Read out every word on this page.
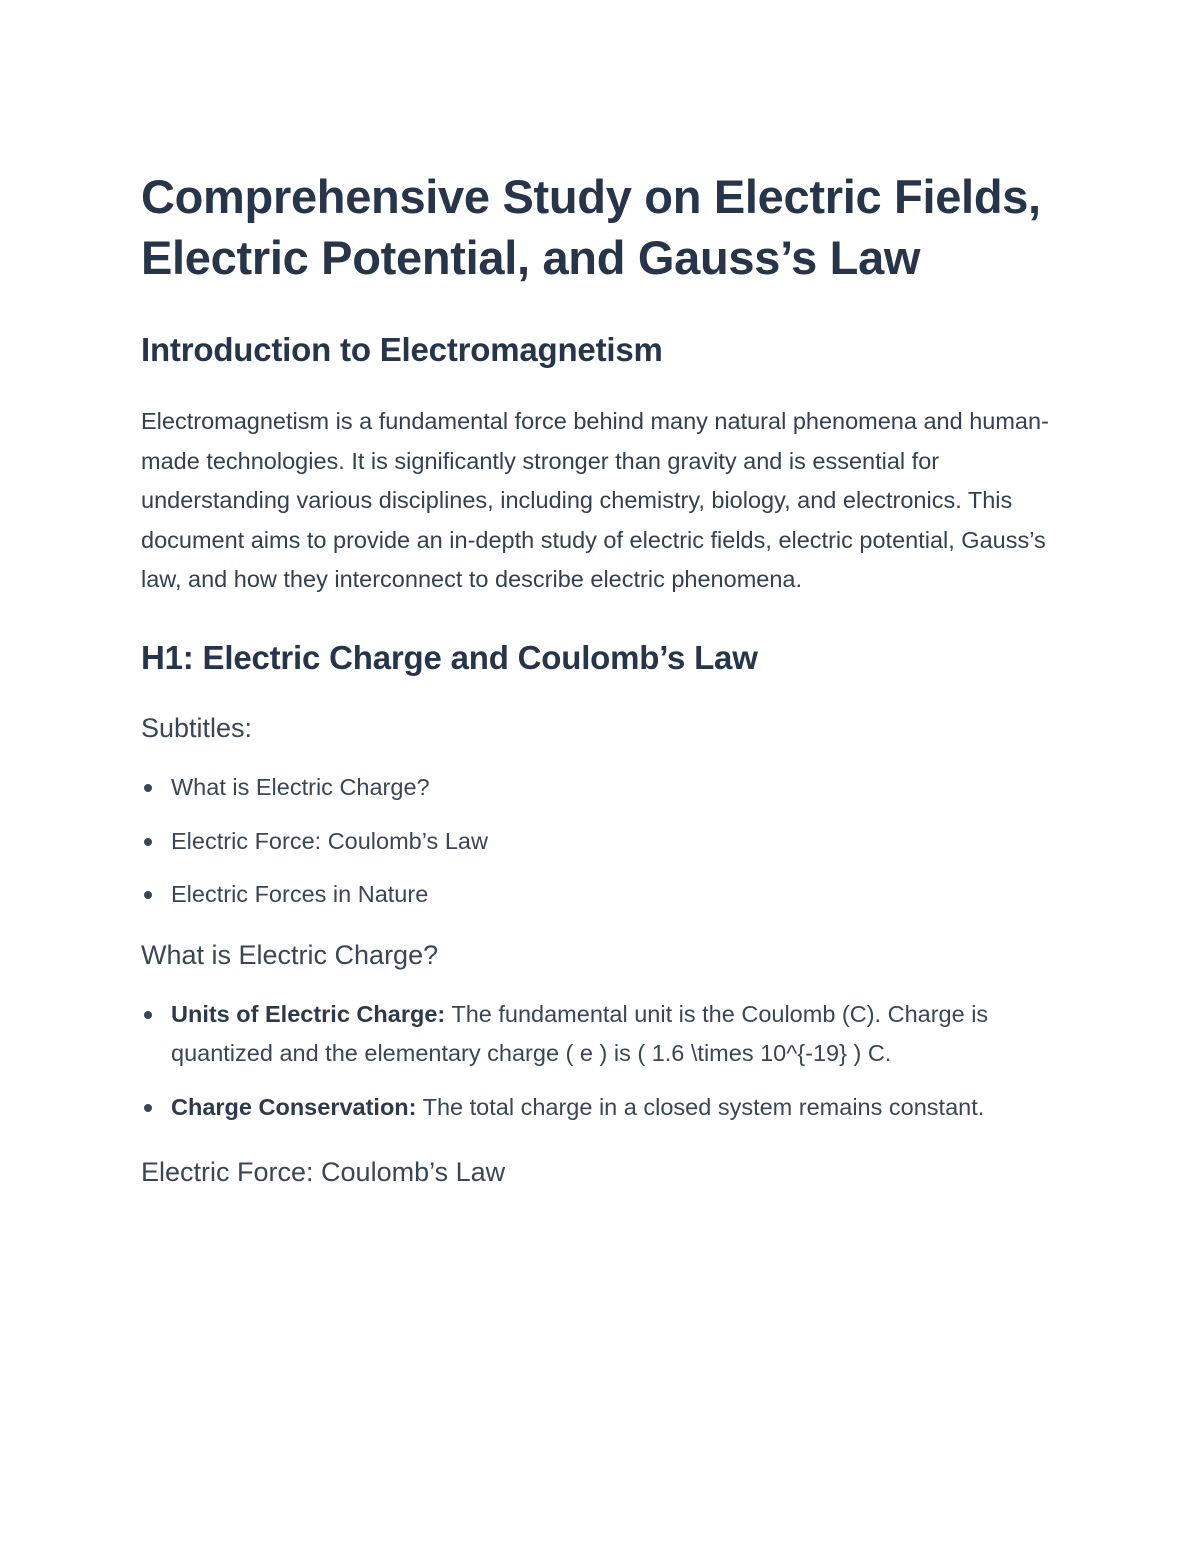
Comprehensive Study on Electric Fields, Electric Potential, and Gauss’s Law
Introduction to Electromagnetism

Electromagnetism is a fundamental force behind many natural phenomena and human-made technologies. It is significantly stronger than gravity and is essential for understanding various disciplines, including chemistry, biology, and electronics. This document aims to provide an in-depth study of electric fields, electric potential, Gauss’s law, and how they interconnect to describe electric phenomena.

H1: Electric Charge and Coulomb’s Law
Subtitles:
What is Electric Charge?
Electric Force: Coulomb’s Law
Electric Forces in Nature
What is Electric Charge?
Units of Electric Charge: The fundamental unit is the Coulomb (C). Charge is quantized and the elementary charge ( e ) is ( 1.6 \times 10^{-19} ) C.
Charge Conservation: The total charge in a closed system remains constant.
Electric Force: Coulomb’s Law
